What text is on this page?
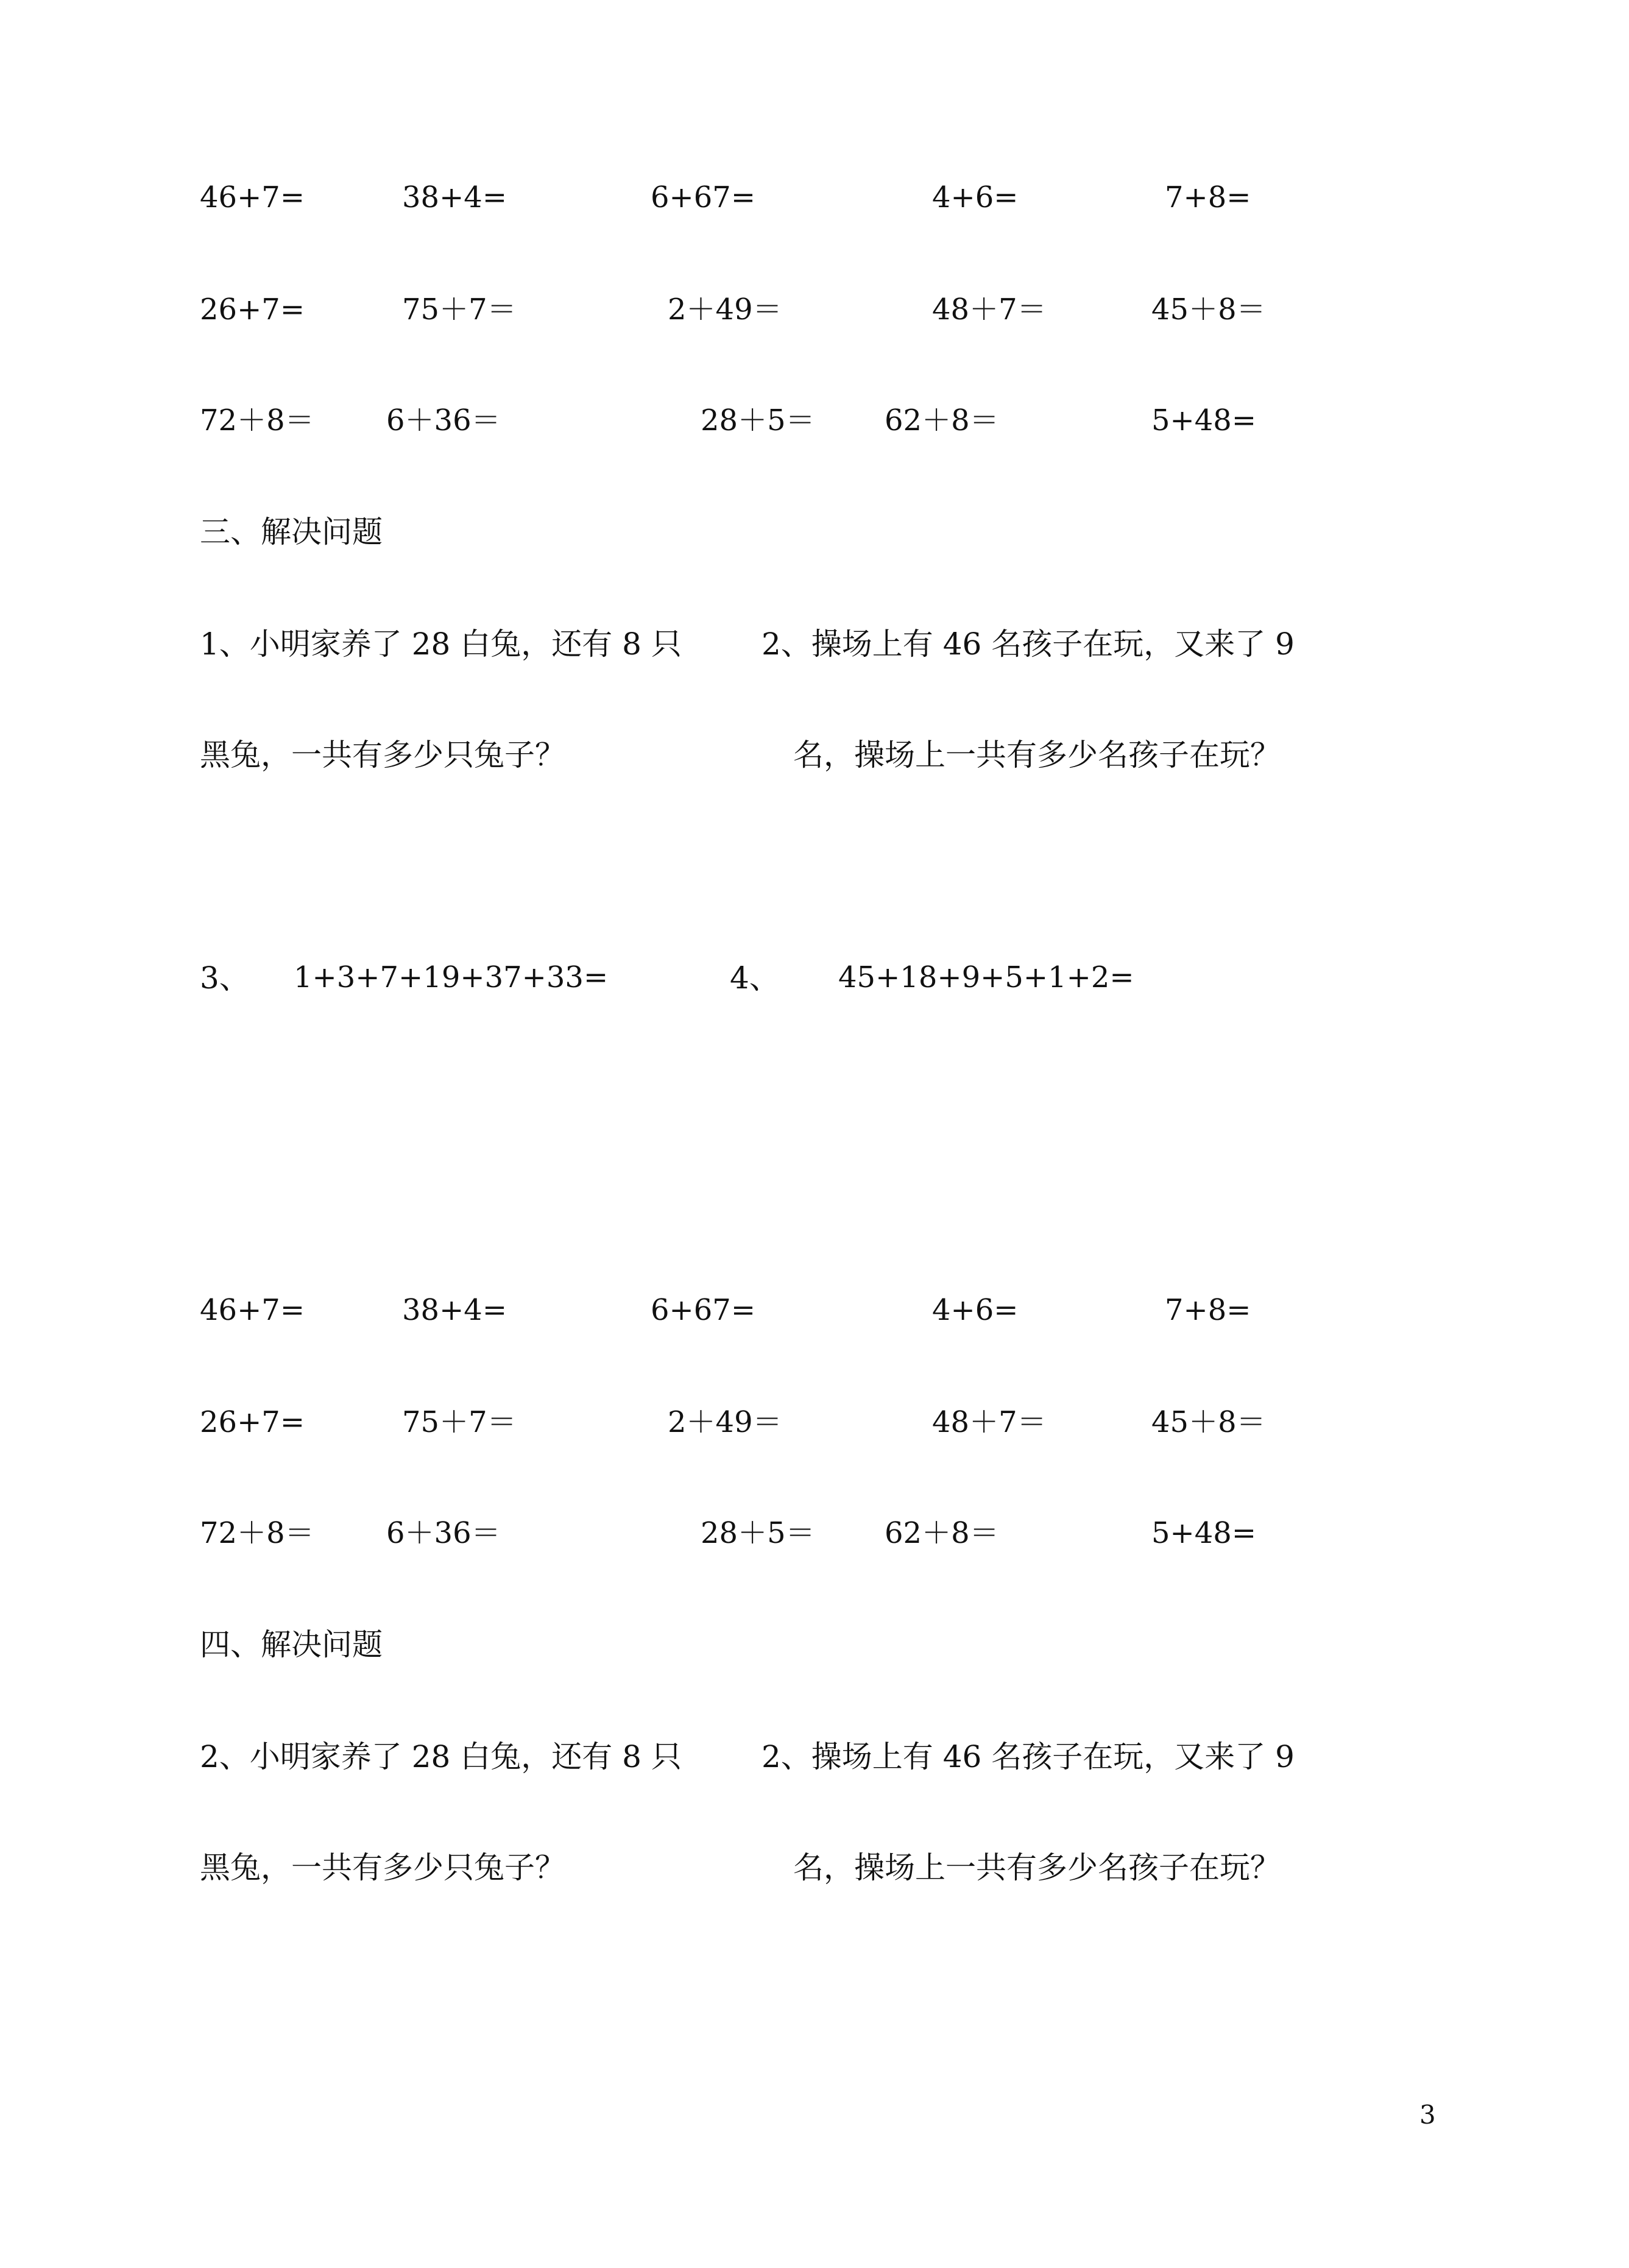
46+7=	38+4=	6+67=	4+6=	7+8=
26+7=	75＋7＝	2＋49＝	48＋7＝	45＋8＝
72＋8＝ 6＋36＝	28＋5＝ 62＋8＝	5+48=
三、解决问题
1、小明家养了 28 白兔，还有 8 只	2、操场上有 46 名孩子在玩，又来了 9
黑兔，一共有多少只兔子？	名，操场上一共有多少名孩子在玩？
3、 1+3+7+19+37+33=	4、 45+18+9+5+1+2=
46+7=	38+4=	6+67=	4+6=	7+8=
26+7=	75＋7＝	2＋49＝	48＋7＝	45＋8＝
72＋8＝ 6＋36＝	28＋5＝ 62＋8＝	5+48=
四、解决问题
2、小明家养了 28 白兔，还有 8 只	2、操场上有 46 名孩子在玩，又来了 9
黑兔，一共有多少只兔子？	名，操场上一共有多少名孩子在玩？
3
